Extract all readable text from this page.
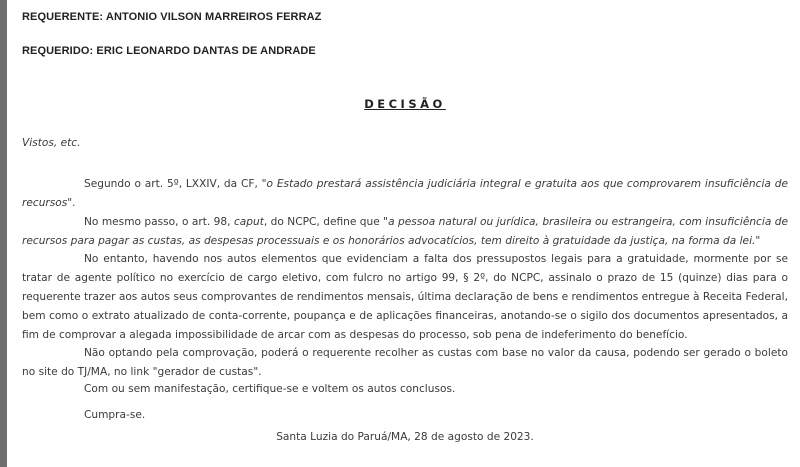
REQUERENTE: ANTONIO VILSON MARREIROS FERRAZ
REQUERIDO: ERIC LEONARDO DANTAS DE ANDRADE
DECISÃO
Vistos, etc.

Segundo o art. 5º, LXXIV, da CF, "o Estado prestará assistência judiciária integral e gratuita aos que comprovarem insuficiência de recursos".

No mesmo passo, o art. 98, caput, do NCPC, define que "a pessoa natural ou jurídica, brasileira ou estrangeira, com insuficiência de recursos para pagar as custas, as despesas processuais e os honorários advocatícios, tem direito à gratuidade da justiça, na forma da lei."

No entanto, havendo nos autos elementos que evidenciam a falta dos pressupostos legais para a gratuidade, mormente por se tratar de agente político no exercício de cargo eletivo, com fulcro no artigo 99, § 2º, do NCPC, assinalo o prazo de 15 (quinze) dias para o requerente trazer aos autos seus comprovantes de rendimentos mensais, última declaração de bens e rendimentos entregue à Receita Federal, bem como o extrato atualizado de conta-corrente, poupança e de aplicações financeiras, anotando-se o sigilo dos documentos apresentados, a fim de comprovar a alegada impossibilidade de arcar com as despesas do processo, sob pena de indeferimento do benefício.

Não optando pela comprovação, poderá o requerente recolher as custas com base no valor da causa, podendo ser gerado o boleto no site do TJ/MA, no link "gerador de custas".

Com ou sem manifestação, certifique-se e voltem os autos conclusos.
Cumpra-se.
Santa Luzia do Paruá/MA, 28 de agosto de 2023.
